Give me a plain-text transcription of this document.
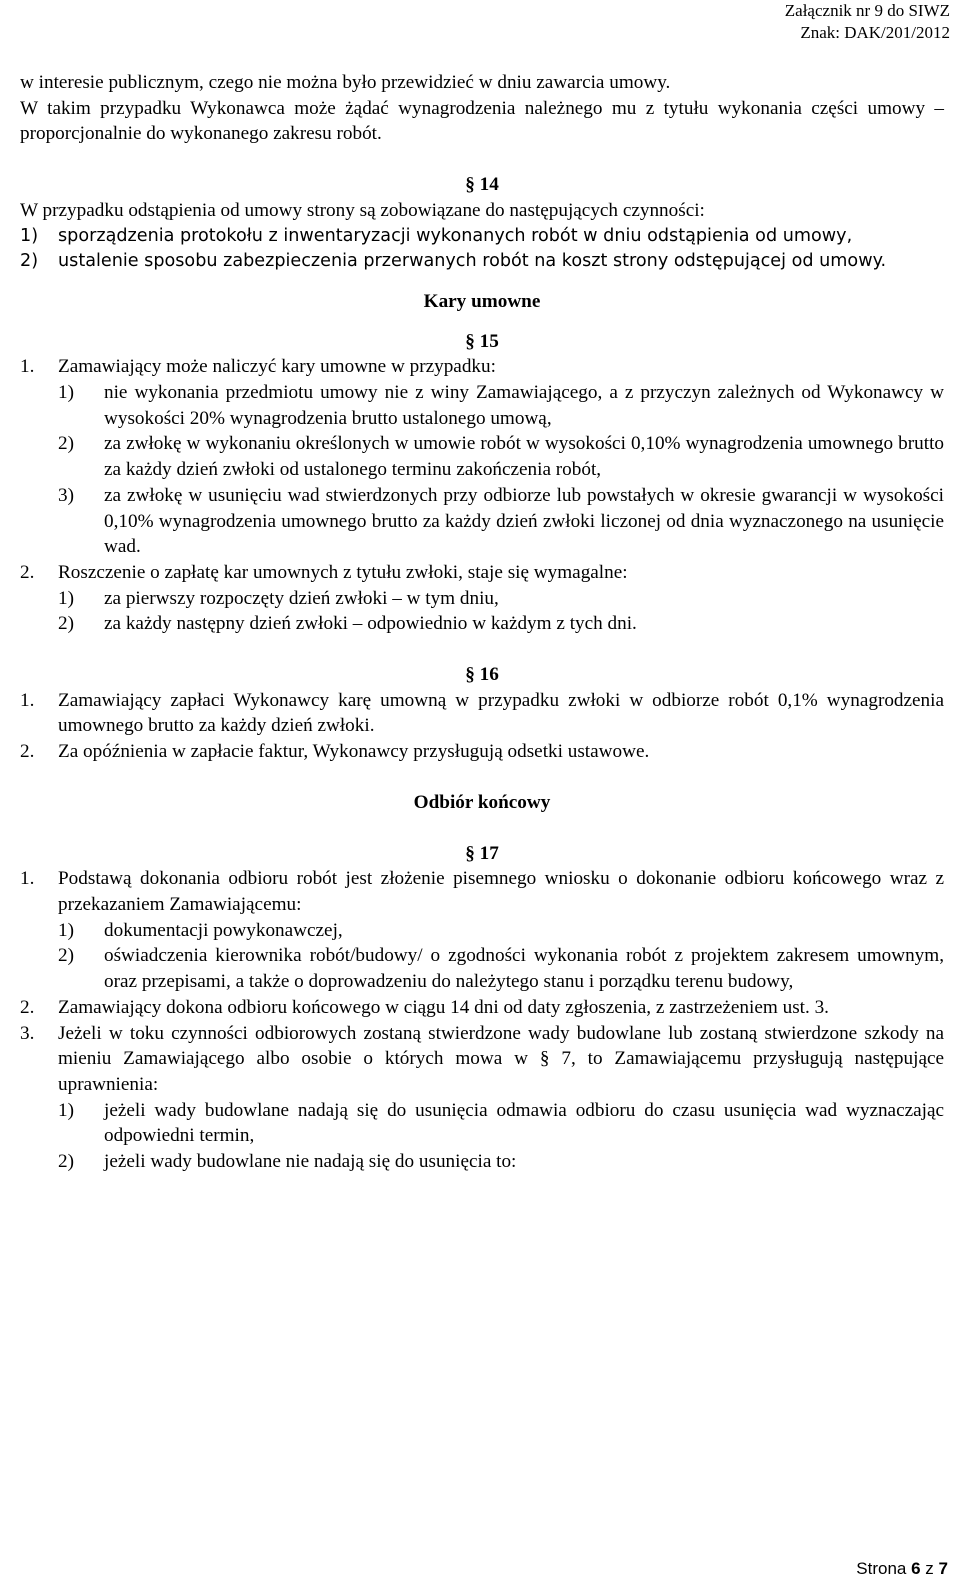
Załącznik nr 9 do SIWZ
Znak: DAK/201/2012

w interesie publicznym, czego nie można było przewidzieć w dniu zawarcia umowy.

W takim przypadku Wykonawca może żądać wynagrodzenia należnego mu z tytułu wykonania części umowy – proporcjonalnie do wykonanego zakresu robót.

§ 14

W przypadku odstąpienia od umowy strony są zobowiązane do następujących czynności:

1)	sporządzenia protokołu z inwentaryzacji wykonanych robót w dniu odstąpienia od umowy,
2)	ustalenie sposobu zabezpieczenia przerwanych robót na koszt strony odstępującej od umowy.
Kary umowne
§ 15
1.	Zamawiający może naliczyć kary umowne w przypadku:
1)	nie wykonania przedmiotu umowy nie z winy Zamawiającego, a z przyczyn zależnych od Wykonawcy w wysokości 20% wynagrodzenia brutto ustalonego umową,
2)	za zwłokę w wykonaniu określonych w umowie robót w wysokości 0,10% wynagrodzenia umownego brutto za każdy dzień zwłoki od ustalonego terminu zakończenia robót,
3)	za zwłokę w usunięciu wad stwierdzonych przy odbiorze lub powstałych w okresie gwarancji w wysokości 0,10% wynagrodzenia umownego brutto za każdy dzień zwłoki liczonej od dnia wyznaczonego na usunięcie wad.
2.	Roszczenie o zapłatę kar umownych z tytułu zwłoki, staje się wymagalne:
1)	za pierwszy rozpoczęty dzień zwłoki – w tym dniu,
2)	za każdy następny dzień zwłoki – odpowiednio w każdym z tych dni.
§ 16
1.	Zamawiający zapłaci Wykonawcy karę umowną w przypadku zwłoki w odbiorze robót 0,1% wynagrodzenia umownego brutto za każdy dzień zwłoki.
2.	Za opóźnienia w zapłacie faktur, Wykonawcy przysługują odsetki ustawowe.
Odbiór końcowy
§ 17
1.	Podstawą dokonania odbioru robót jest złożenie pisemnego wniosku o dokonanie odbioru końcowego wraz z przekazaniem Zamawiającemu:
1)	dokumentacji powykonawczej,
2)	oświadczenia kierownika robót/budowy/ o zgodności wykonania robót z projektem zakresem umownym, oraz przepisami, a także o doprowadzeniu do należytego stanu i porządku terenu budowy,
2.	Zamawiający dokona odbioru końcowego w ciągu 14 dni od daty zgłoszenia, z zastrzeżeniem ust. 3.
3.	Jeżeli w toku czynności odbiorowych zostaną stwierdzone wady budowlane lub zostaną stwierdzone szkody na mieniu Zamawiającego albo osobie o których mowa w § 7, to Zamawiającemu przysługują następujące uprawnienia:
1)	jeżeli wady budowlane nadają się do usunięcia odmawia odbioru do czasu usunięcia wad wyznaczając odpowiedni termin,
2)	jeżeli wady budowlane nie nadają się do usunięcia to:
Strona 6 z 7
